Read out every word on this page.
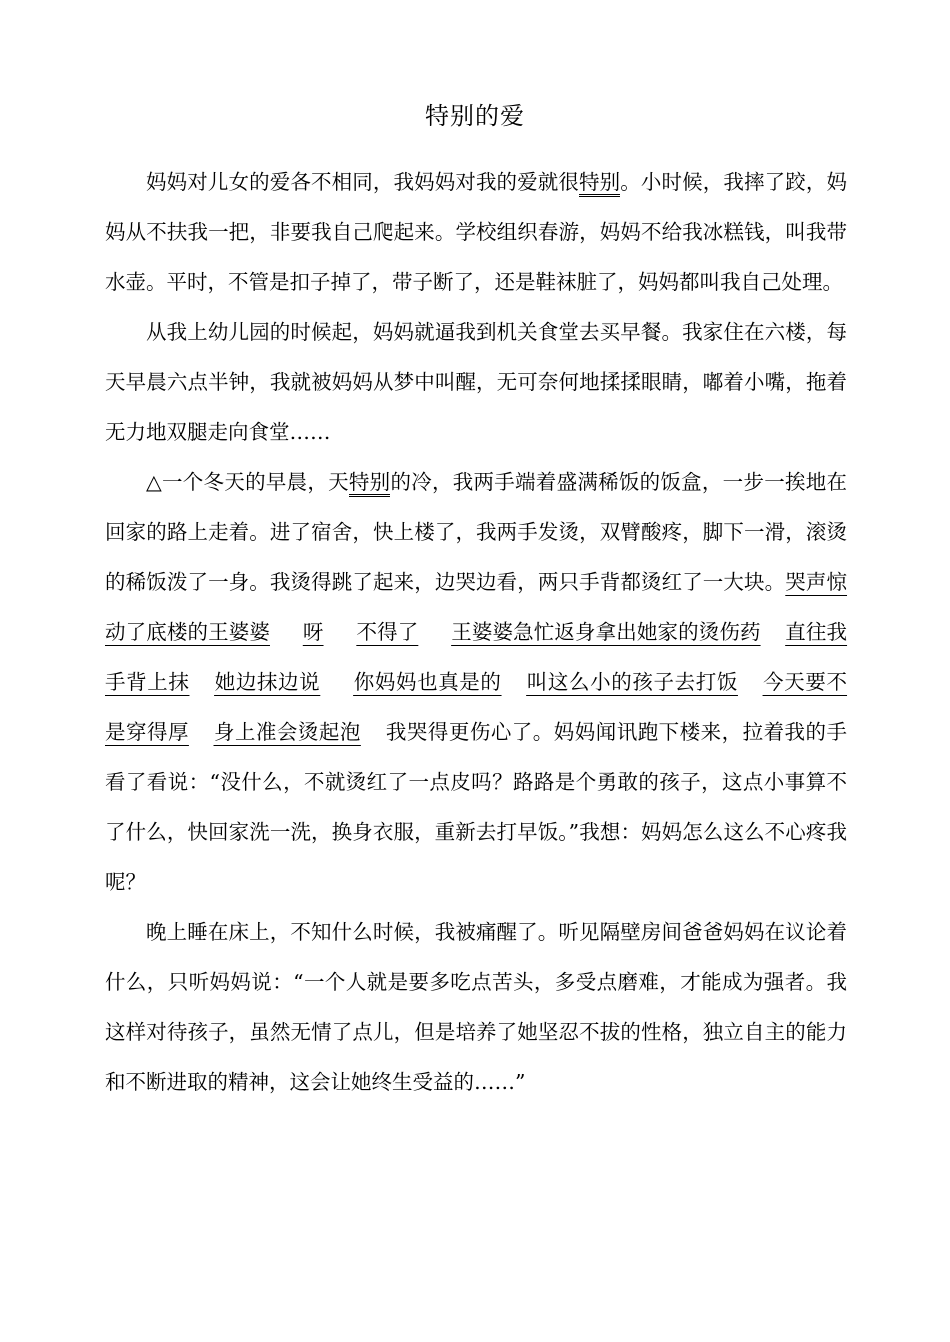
特别的爱

妈妈对儿女的爱各不相同，我妈妈对我的爱就很特别。小时候，我摔了跤，妈妈从不扶我一把，非要我自己爬起来。学校组织春游，妈妈不给我冰糕钱，叫我带水壶。平时，不管是扣子掉了，带子断了，还是鞋袜脏了，妈妈都叫我自己处理。

从我上幼儿园的时候起，妈妈就逼我到机关食堂去买早餐。我家住在六楼，每天早晨六点半钟，我就被妈妈从梦中叫醒，无可奈何地揉揉眼睛，嘟着小嘴，拖着无力地双腿走向食堂……

△一个冬天的早晨，天特别的冷，我两手端着盛满稀饭的饭盒，一步一挨地在回家的路上走着。进了宿舍，快上楼了，我两手发烫，双臂酸疼，脚下一滑，滚烫的稀饭泼了一身。我烫得跳了起来，边哭边看，两只手背都烫红了一大块。哭声惊动了底楼的王婆婆 呀 不得了 王婆婆急忙返身拿出她家的烫伤药 直往我手背上抹 她边抹边说 你妈妈也真是的 叫这么小的孩子去打饭 今天要不是穿得厚 身上准会烫起泡 我哭得更伤心了。妈妈闻讯跑下楼来，拉着我的手看了看说：“没什么，不就烫红了一点皮吗？路路是个勇敢的孩子，这点小事算不了什么，快回家洗一洗，换身衣服，重新去打早饭。”我想：妈妈怎么这么不心疼我呢？

晚上睡在床上，不知什么时候，我被痛醒了。听见隔壁房间爸爸妈妈在议论着什么，只听妈妈说：“一个人就是要多吃点苦头，多受点磨难，才能成为强者。我这样对待孩子，虽然无情了点儿，但是培养了她坚忍不拔的性格，独立自主的能力和不断进取的精神，这会让她终生受益的……”
